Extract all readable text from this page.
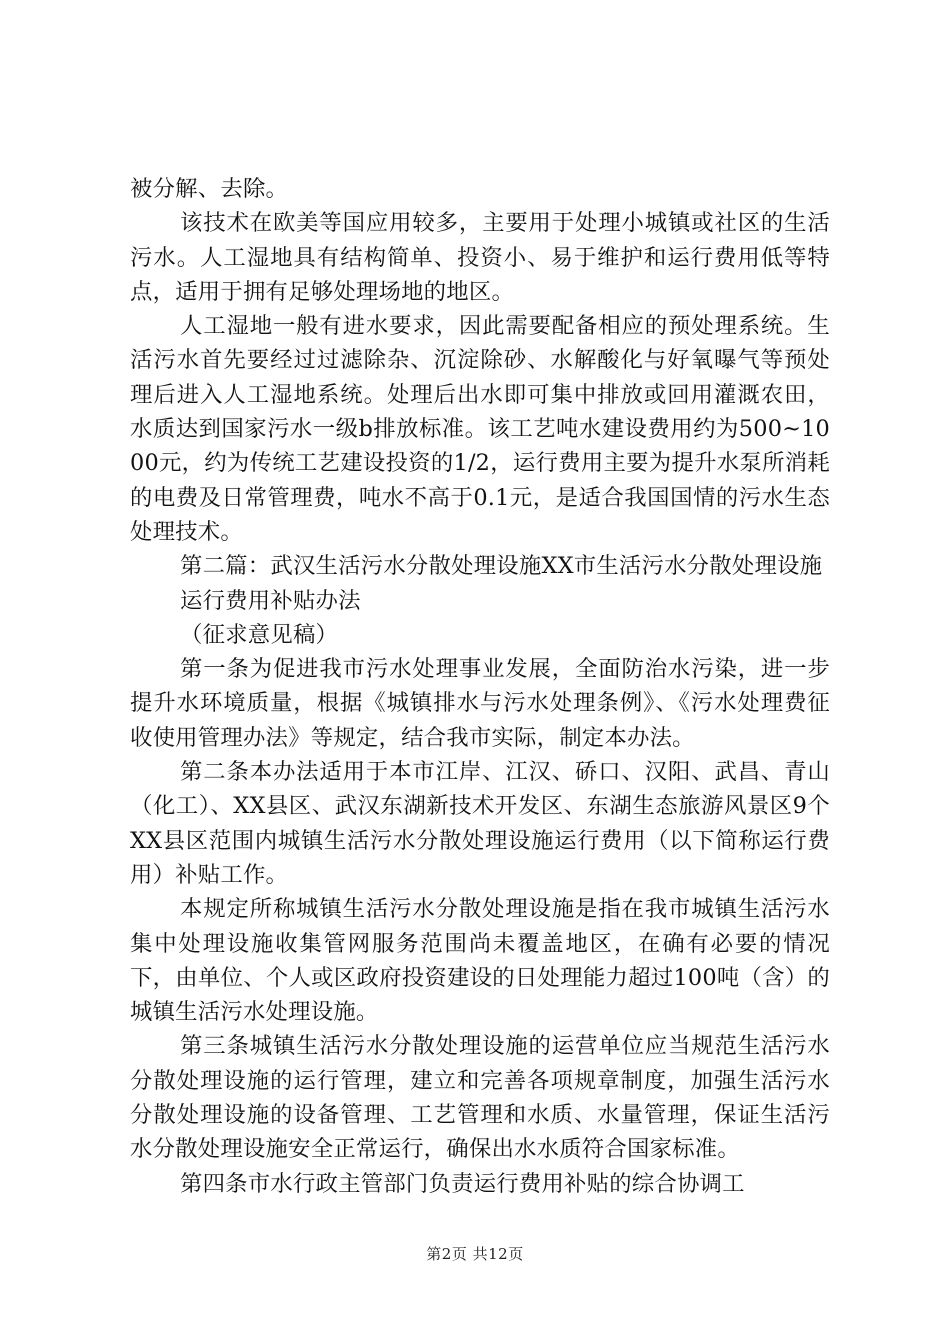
被分解、去除。

该技术在欧美等国应用较多，主要用于处理小城镇或社区的生活污水。人工湿地具有结构简单、投资小、易于维护和运行费用低等特点，适用于拥有足够处理场地的地区。

人工湿地一般有进水要求，因此需要配备相应的预处理系统。生活污水首先要经过过滤除杂、沉淀除砂、水解酸化与好氧曝气等预处理后进入人工湿地系统。处理后出水即可集中排放或回用灌溉农田，水质达到国家污水一级b排放标准。该工艺吨水建设费用约为500~1000元，约为传统工艺建设投资的1/2，运行费用主要为提升水泵所消耗的电费及日常管理费，吨水不高于0.1元，是适合我国国情的污水生态处理技术。

第二篇：武汉生活污水分散处理设施XX市生活污水分散处理设施

运行费用补贴办法

（征求意见稿）

第一条为促进我市污水处理事业发展，全面防治水污染，进一步提升水环境质量，根据《城镇排水与污水处理条例》、《污水处理费征收使用管理办法》等规定，结合我市实际，制定本办法。

第二条本办法适用于本市江岸、江汉、硚口、汉阳、武昌、青山（化工）、XX县区、武汉东湖新技术开发区、东湖生态旅游风景区9个XX县区范围内城镇生活污水分散处理设施运行费用（以下简称运行费用）补贴工作。

本规定所称城镇生活污水分散处理设施是指在我市城镇生活污水集中处理设施收集管网服务范围尚未覆盖地区，在确有必要的情况下，由单位、个人或区政府投资建设的日处理能力超过100吨（含）的城镇生活污水处理设施。

第三条城镇生活污水分散处理设施的运营单位应当规范生活污水分散处理设施的运行管理，建立和完善各项规章制度，加强生活污水分散处理设施的设备管理、工艺管理和水质、水量管理，保证生活污水分散处理设施安全正常运行，确保出水水质符合国家标准。

第四条市水行政主管部门负责运行费用补贴的综合协调工

第2页 共12页
